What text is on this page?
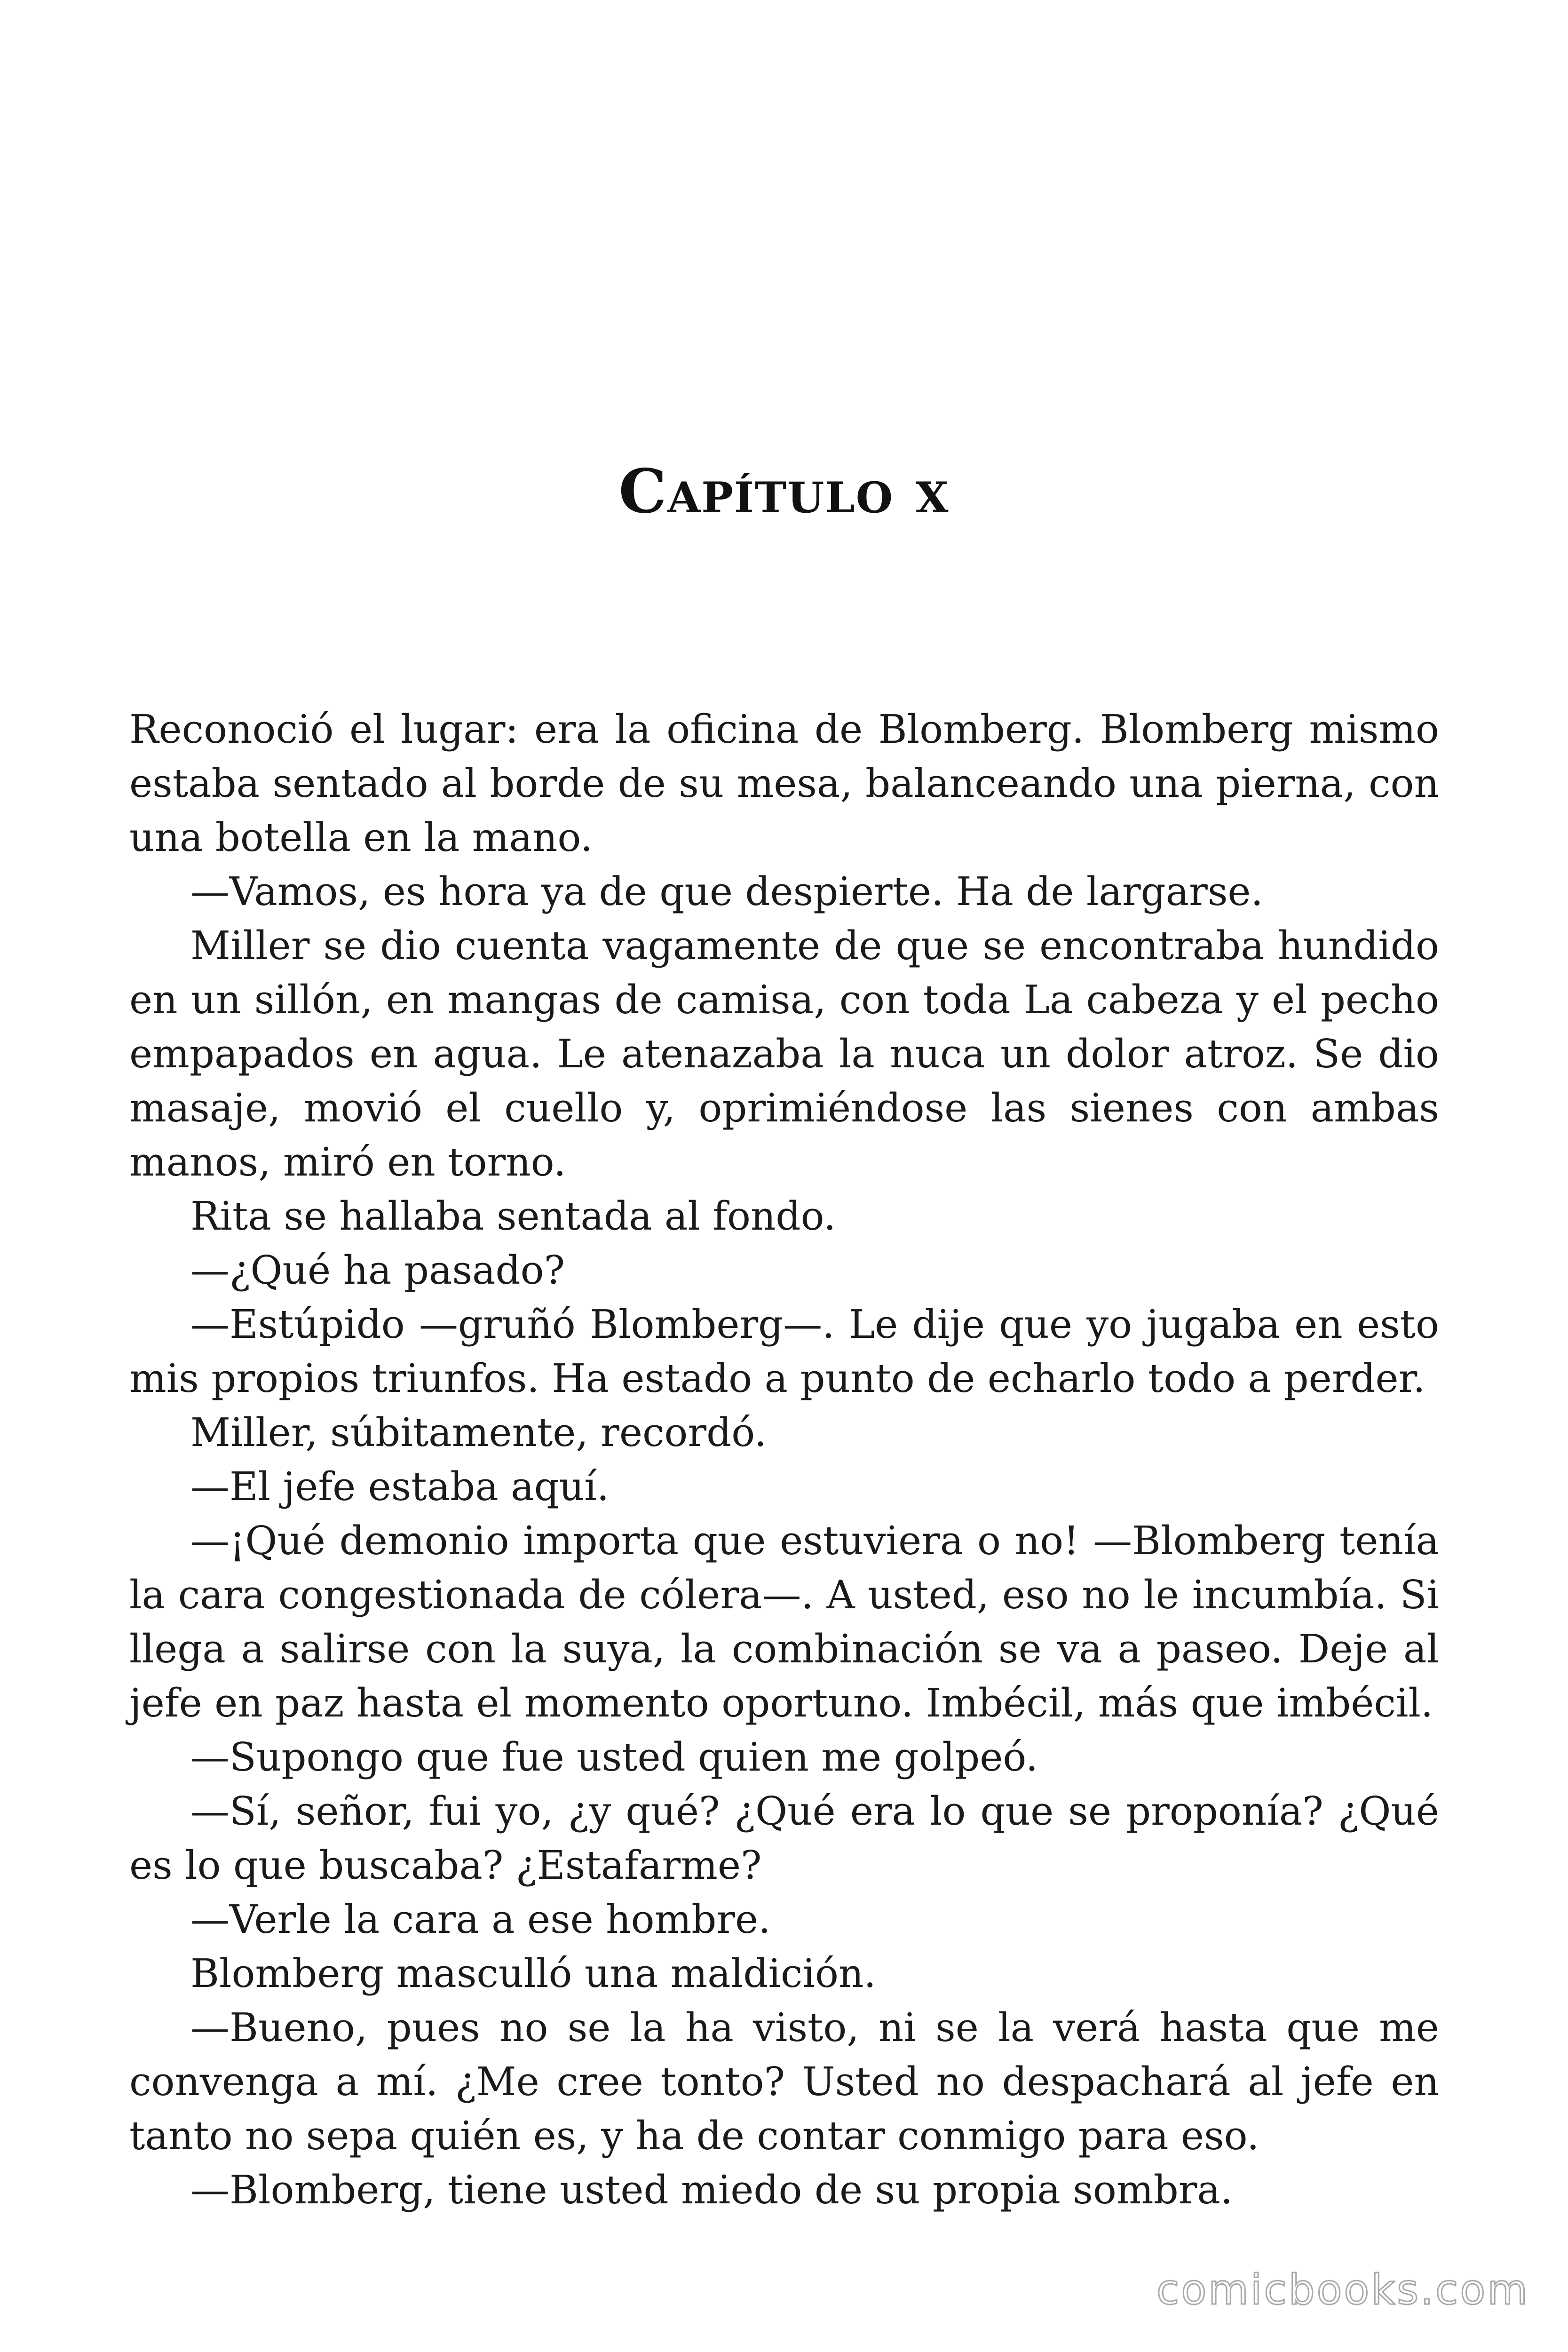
Capítulo x

Reconoció el lugar: era la oficina de Blomberg. Blomberg mismo estaba sentado al borde de su mesa, balanceando una pierna, con una botella en la mano.

—Vamos, es hora ya de que despierte. Ha de largarse.

Miller se dio cuenta vagamente de que se encontraba hundido en un sillón, en mangas de camisa, con toda La cabeza y el pecho empapados en agua. Le atenazaba la nuca un dolor atroz. Se dio masaje, movió el cuello y, oprimiéndose las sienes con ambas manos, miró en torno.

Rita se hallaba sentada al fondo.

—¿Qué ha pasado?

—Estúpido —gruñó Blomberg—. Le dije que yo jugaba en esto mis propios triunfos. Ha estado a punto de echarlo todo a perder.

Miller, súbitamente, recordó.

—El jefe estaba aquí.

—¡Qué demonio importa que estuviera o no! —Blomberg tenía la cara congestionada de cólera—. A usted, eso no le incumbía. Si llega a salirse con la suya, la combinación se va a paseo. Deje al jefe en paz hasta el momento oportuno. Imbécil, más que imbécil.

—Supongo que fue usted quien me golpeó.

—Sí, señor, fui yo, ¿y qué? ¿Qué era lo que se proponía? ¿Qué es lo que buscaba? ¿Estafarme?

—Verle la cara a ese hombre.

Blomberg masculló una maldición.

—Bueno, pues no se la ha visto, ni se la verá hasta que me convenga a mí. ¿Me cree tonto? Usted no despachará al jefe en tanto no sepa quién es, y ha de contar conmigo para eso.

—Blomberg, tiene usted miedo de su propia sombra.

comicbooks.com
